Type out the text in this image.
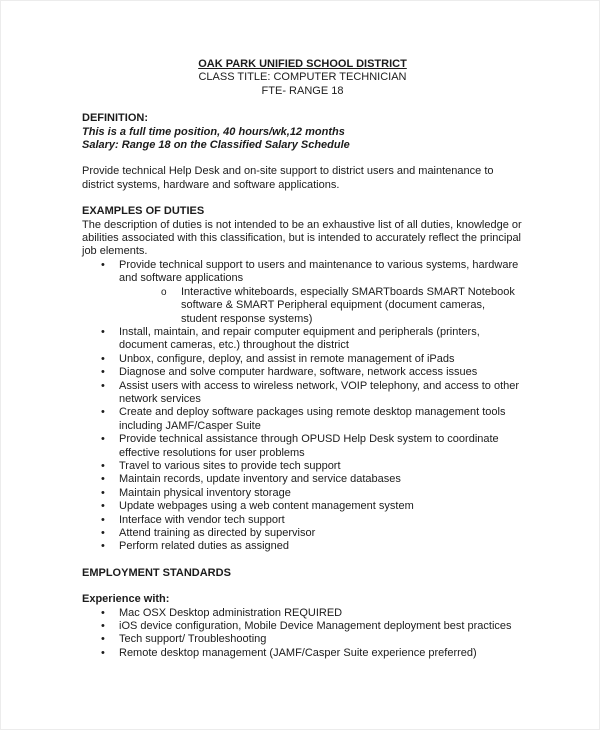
OAK PARK UNIFIED SCHOOL DISTRICT
CLASS TITLE: COMPUTER TECHNICIAN
FTE- RANGE 18
DEFINITION:
This is a full time position, 40 hours/wk,12 months
Salary: Range 18 on the Classified Salary Schedule

Provide technical Help Desk and on-site support to district users and maintenance to district systems, hardware and software applications.

EXAMPLES OF DUTIES

The description of duties is not intended to be an exhaustive list of all duties, knowledge or abilities associated with this classification, but is intended to accurately reflect the principal job elements.

• Provide technical support to users and maintenance to various systems, hardware and software applications
o Interactive whiteboards, especially SMARTboards SMART Notebook software & SMART Peripheral equipment (document cameras, student response systems)
• Install, maintain, and repair computer equipment and peripherals (printers, document cameras, etc.) throughout the district
• Unbox, configure, deploy, and assist in remote management of iPads
• Diagnose and solve computer hardware, software, network access issues
• Assist users with access to wireless network, VOIP telephony, and access to other network services
• Create and deploy software packages using remote desktop management tools including JAMF/Casper Suite
• Provide technical assistance through OPUSD Help Desk system to coordinate effective resolutions for user problems
• Travel to various sites to provide tech support
• Maintain records, update inventory and service databases
• Maintain physical inventory storage
• Update webpages using a web content management system
• Interface with vendor tech support
• Attend training as directed by supervisor
• Perform related duties as assigned
EMPLOYMENT STANDARDS
Experience with:
• Mac OSX Desktop administration REQUIRED
• iOS device configuration, Mobile Device Management deployment best practices
• Tech support/ Troubleshooting
• Remote desktop management (JAMF/Casper Suite experience preferred)
